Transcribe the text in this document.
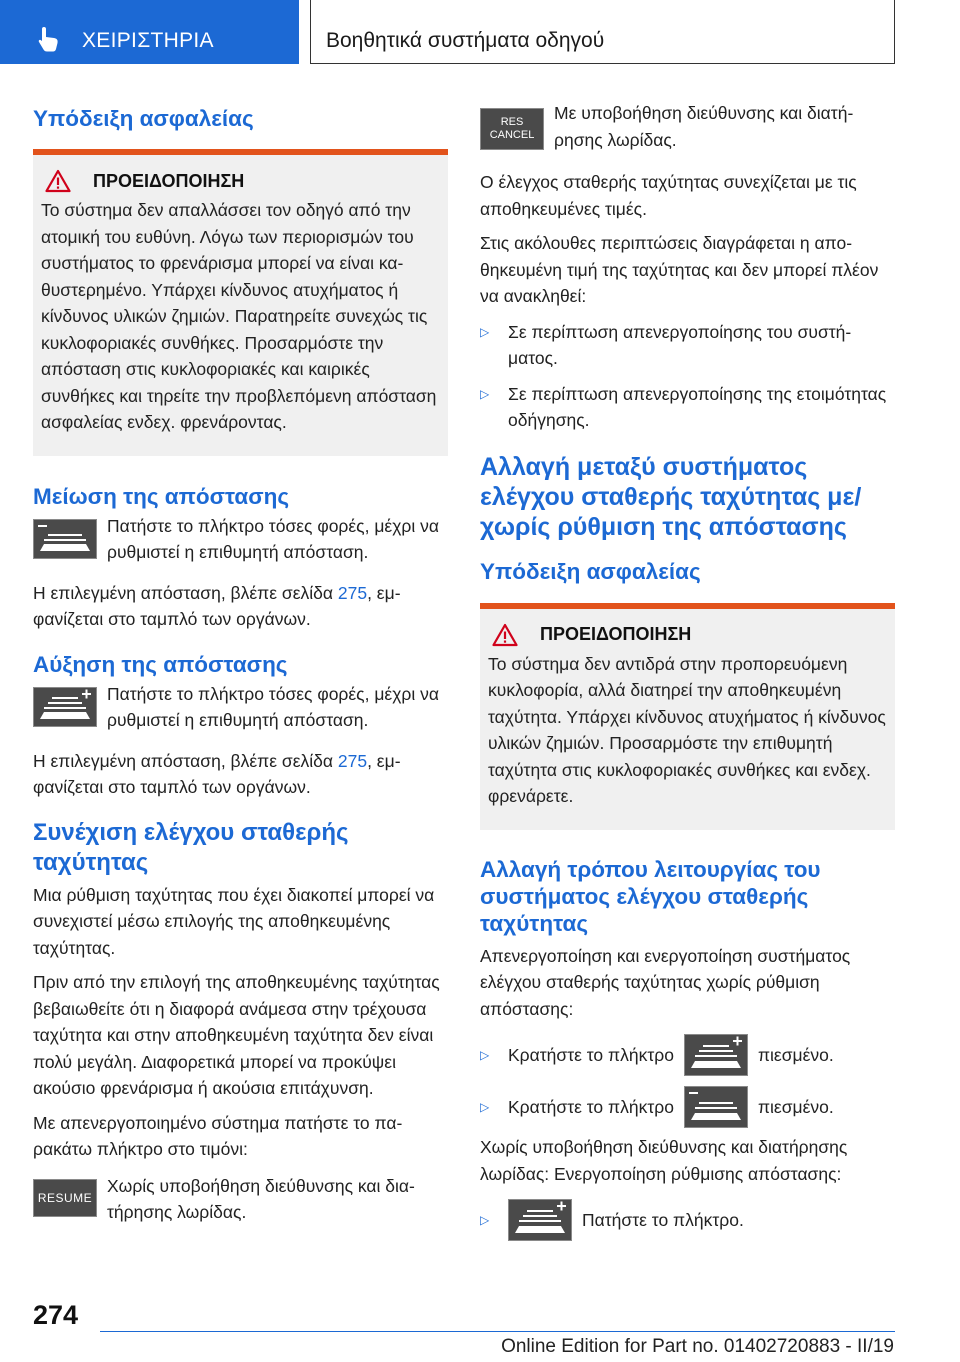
ΧΕΙΡΙΣΤΗΡΙΑ	Βοηθητικά συστήματα οδηγού
Υπόδειξη ασφαλείας
ΠΡΟΕΙΔΟΠΟΙΗΣΗ

Το σύστημα δεν απαλλάσσει τον οδηγό από την ατομική του ευθύνη. Λόγω των περιορισμών του συστήματος το φρενάρισμα μπορεί να είναι καθυστερημένο. Υπάρχει κίνδυνος ατυχήματος ή κίνδυνος υλικών ζημιών. Παρατηρείτε συνεχώς τις κυκλοφοριακές συνθήκες. Προσαρμόστε την απόσταση στις κυκλοφοριακές και καιρικές συνθήκες και τηρείτε την προβλεπόμενη απόσταση ασφαλείας ενδεχ. φρενάροντας.

Μείωση της απόστασης

Πατήστε το πλήκτρο τόσες φορές, μέχρι να ρυθμιστεί η επιθυμητή απόσταση.

Η επιλεγμένη απόσταση, βλέπε σελίδα 275, εμφανίζεται στο ταμπλό των οργάνων.

Αύξηση της απόστασης

Πατήστε το πλήκτρο τόσες φορές, μέχρι να ρυθμιστεί η επιθυμητή απόσταση.

Η επιλεγμένη απόσταση, βλέπε σελίδα 275, εμφανίζεται στο ταμπλό των οργάνων.

Συνέχιση ελέγχου σταθερής ταχύτητας

Μια ρύθμιση ταχύτητας που έχει διακοπεί μπορεί να συνεχιστεί μέσω επιλογής της αποθηκευμένης ταχύτητας.

Πριν από την επιλογή της αποθηκευμένης ταχύτητας βεβαιωθείτε ότι η διαφορά ανάμεσα στην τρέχουσα ταχύτητα και στην αποθηκευμένη ταχύτητα δεν είναι πολύ μεγάλη. Διαφορετικά μπορεί να προκύψει ακούσιο φρενάρισμα ή ακούσια επιτάχυνση.

Με απενεργοποιημένο σύστημα πατήστε το παρακάτω πλήκτρο στο τιμόνι:

RESUME

Χωρίς υποβοήθηση διεύθυνσης και διατήρησης λωρίδας.

RES
CANCEL

Με υποβοήθηση διεύθυνσης και διατήρησης λωρίδας.

Ο έλεγχος σταθερής ταχύτητας συνεχίζεται με τις αποθηκευμένες τιμές.

Στις ακόλουθες περιπτώσεις διαγράφεται η αποθηκευμένη τιμή της ταχύτητας και δεν μπορεί πλέον να ανακληθεί:

▷	Σε περίπτωση απενεργοποίησης του συστήματος.

▷	Σε περίπτωση απενεργοποίησης της ετοιμότητας οδήγησης.

Αλλαγή μεταξύ συστήματος ελέγχου σταθερής ταχύτητας με/χωρίς ρύθμιση της απόστασης
Υπόδειξη ασφαλείας
ΠΡΟΕΙΔΟΠΟΙΗΣΗ

Το σύστημα δεν αντιδρά στην προπορευόμενη κυκλοφορία, αλλά διατηρεί την αποθηκευμένη ταχύτητα. Υπάρχει κίνδυνος ατυχήματος ή κίνδυνος υλικών ζημιών. Προσαρμόστε την επιθυμητή ταχύτητα στις κυκλοφοριακές συνθήκες και ενδεχ. φρενάρετε.

Αλλαγή τρόπου λειτουργίας του συστήματος ελέγχου σταθερής ταχύτητας

Απενεργοποίηση και ενεργοποίηση συστήματος ελέγχου σταθερής ταχύτητας χωρίς ρύθμιση απόστασης:

▷	Κρατήστε το πλήκτρο	πιεσμένο.
▷	Κρατήστε το πλήκτρο	πιεσμένο.

Χωρίς υποβοήθηση διεύθυνσης και διατήρησης λωρίδας: Ενεργοποίηση ρύθμισης απόστασης:

▷	Πατήστε το πλήκτρο.
274
Online Edition for Part no. 01402720883 - II/19
